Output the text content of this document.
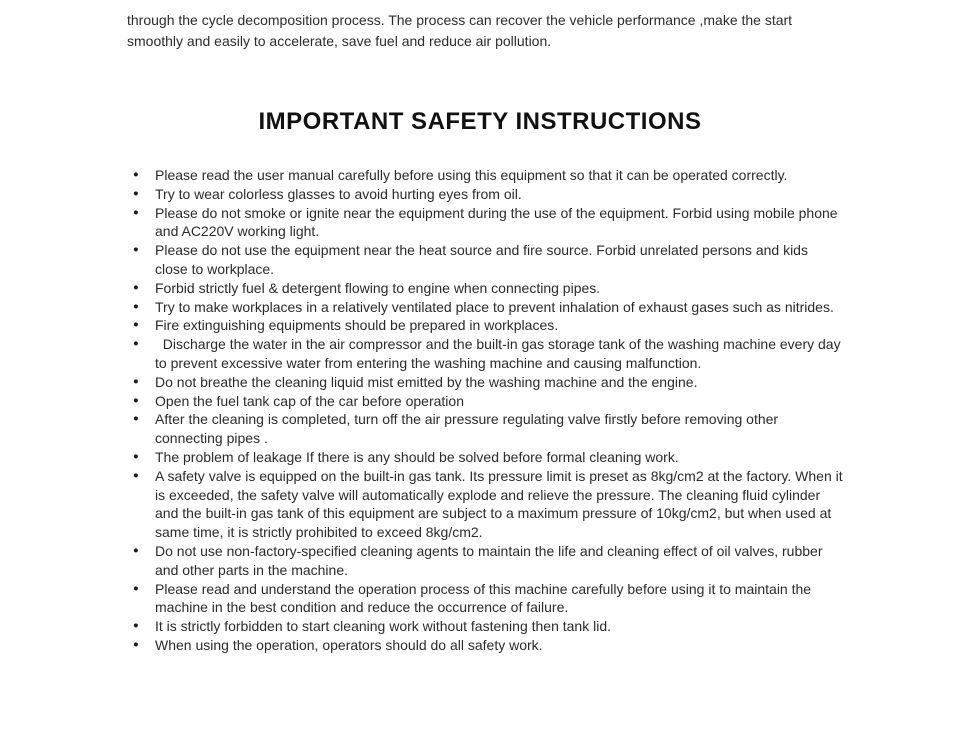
through the cycle decomposition process. The process can recover the vehicle performance ,make the start smoothly and easily to accelerate, save fuel and reduce air pollution.

IMPORTANT SAFETY INSTRUCTIONS
●	Please read the user manual carefully before using this equipment so that it can be operated correctly.
●	Try to wear colorless glasses to avoid hurting eyes from oil.
●	Please do not smoke or ignite near the equipment during the use of the equipment. Forbid using mobile phone and AC220V working light.
●	Please do not use the equipment near the heat source and fire source. Forbid unrelated persons and kids close to workplace.
●	Forbid strictly fuel & detergent flowing to engine when connecting pipes.
●	Try to make workplaces in a relatively ventilated place to prevent inhalation of exhaust gases such as nitrides.
●	Fire extinguishing equipments should be prepared in workplaces.
●	Discharge the water in the air compressor and the built-in gas storage tank of the washing machine every day to prevent excessive water from entering the washing machine and causing malfunction.
●	Do not breathe the cleaning liquid mist emitted by the washing machine and the engine.
●	Open the fuel tank cap of the car before operation
●	After the cleaning is completed, turn off the air pressure regulating valve firstly before removing other connecting pipes .
●	The problem of leakage If there is any should be solved before formal cleaning work.
●	A safety valve is equipped on the built-in gas tank. Its pressure limit is preset as 8kg/cm2 at the factory. When it is exceeded, the safety valve will automatically explode and relieve the pressure. The cleaning fluid cylinder and the built-in gas tank of this equipment are subject to a maximum pressure of 10kg/cm2, but when used at same time, it is strictly prohibited to exceed 8kg/cm2.
●	Do not use non-factory-specified cleaning agents to maintain the life and cleaning effect of oil valves, rubber and other parts in the machine.
●	Please read and understand the operation process of this machine carefully before using it to maintain the machine in the best condition and reduce the occurrence of failure.
●	It is strictly forbidden to start cleaning work without fastening then tank lid.
●	When using the operation, operators should do all safety work.
